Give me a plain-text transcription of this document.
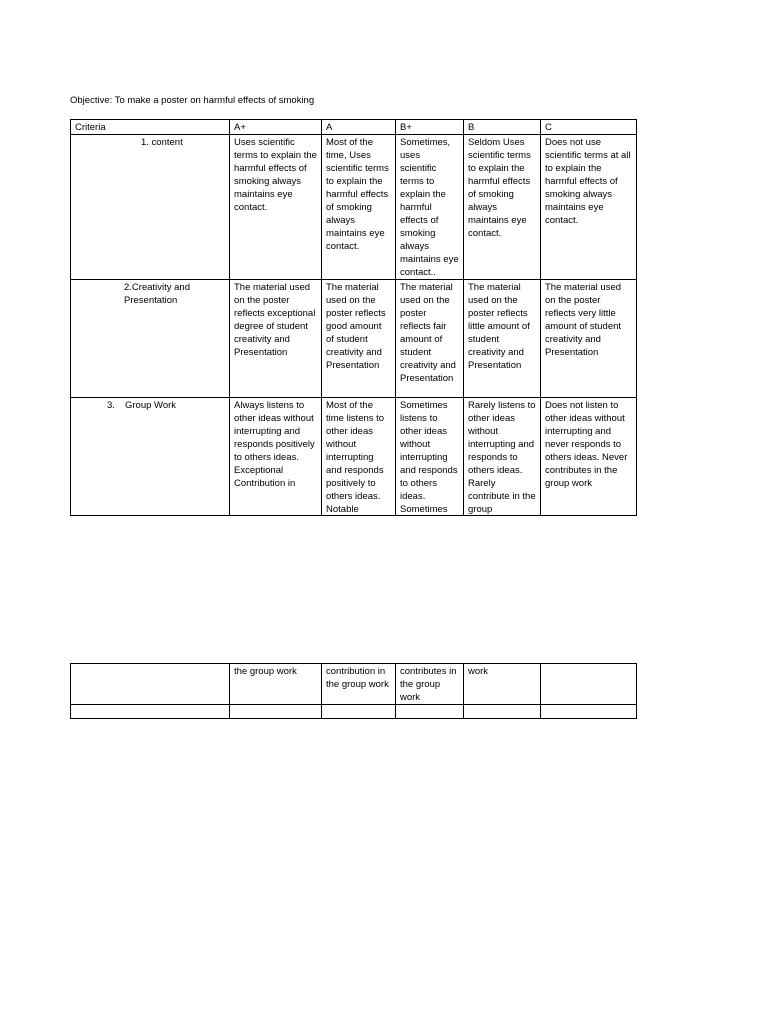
Objective: To make a poster on harmful effects of smoking
Criteria	A+	A	B+	B	C
1. content	Uses scientific terms to explain the harmful effects of smoking always maintains eye contact.	Most of the time, Uses scientific terms to explain the harmful effects of smoking always maintains eye contact.	Sometimes, uses scientific terms to explain the harmful effects of smoking always maintains eye contact..	Seldom Uses scientific terms to explain the harmful effects of smoking always maintains eye contact.	Does not use scientific terms at all to explain the harmful effects of smoking always maintains eye contact.
2.Creativity and Presentation	The material used on the poster reflects exceptional degree of student creativity and Presentation	The material used on the poster reflects good amount of student creativity and Presentation	The material used on the poster reflects fair amount of student creativity and Presentation	The material used on the poster reflects little amount of student creativity and Presentation	The material used on the poster reflects very little amount of student creativity and Presentation
3. Group Work	Always listens to other ideas without interrupting and responds positively to others ideas. Exceptional Contribution in	Most of the time listens to other ideas without interrupting and responds positively to others ideas. Notable	Sometimes listens to other ideas without interrupting and responds to others ideas. Sometimes	Rarely listens to other ideas without interrupting and responds to others ideas. Rarely contribute in the group	Does not listen to other ideas without interrupting and never responds to others ideas. Never contributes in the group work
	the group work	contribution in the group work	contributes in the group work	work	
